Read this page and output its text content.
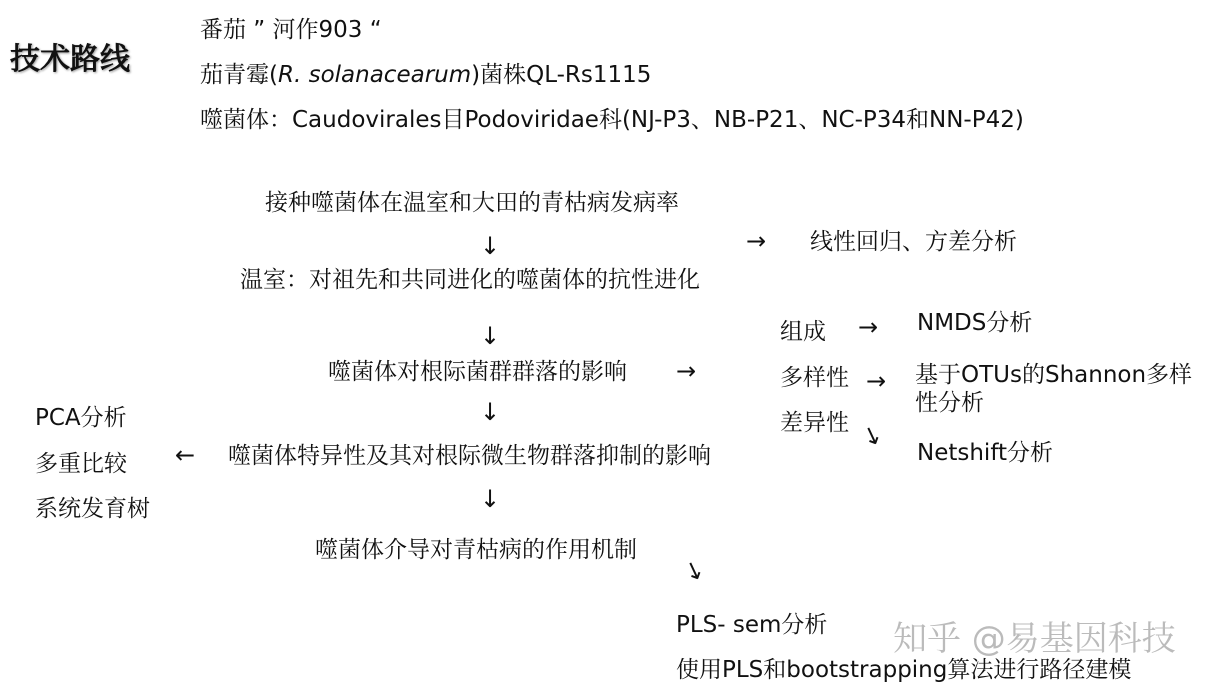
技术路线
番茄 ” 河作903 “
茄青霉(R. solanacearum)菌株QL-Rs1115
噬菌体：Caudovirales目Podoviridae科(NJ-P3、NB-P21、NC-P34和NN-P42)
接种噬菌体在温室和大田的青枯病发病率
↓
温室：对祖先和共同进化的噬菌体的抗性进化
↓
噬菌体对根际菌群群落的影响 →
↓
← 噬菌体特异性及其对根际微生物群落抑制的影响
↓
噬菌体介导对青枯病的作用机制
↘
→ 线性回归、方差分析
组成 → NMDS分析
多样性 → 基于OTUs的Shannon多样性分析
差异性 ↘
Netshift分析
PCA分析
多重比较
系统发育树
PLS- sem分析
使用PLS和bootstrapping算法进行路径建模
知乎 @易基因科技
